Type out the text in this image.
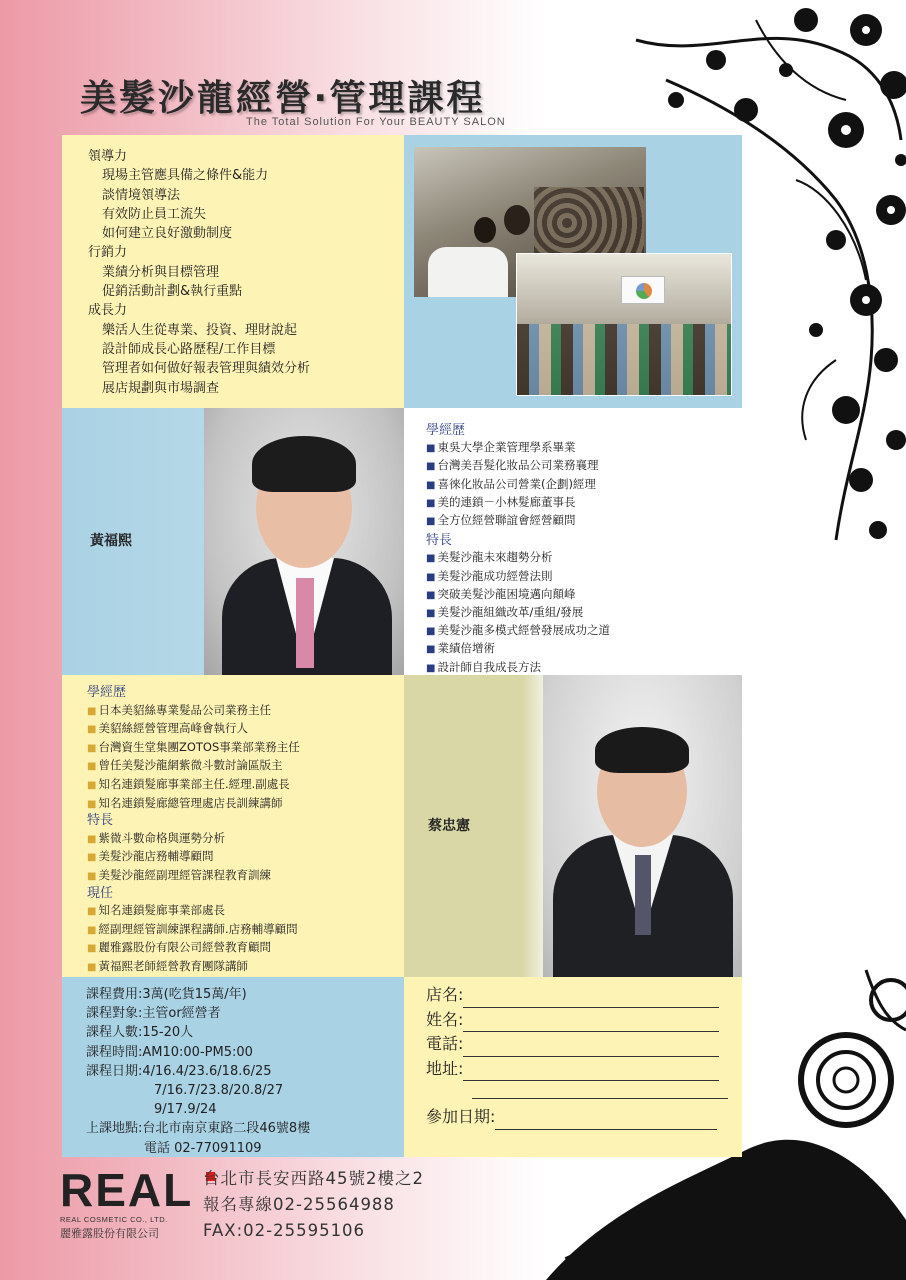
美髮沙龍經營‧管理課程
The Total Solution For Your BEAUTY SALON
領導力
現場主管應具備之條件&能力
談情境領導法
有效防止員工流失
如何建立良好激動制度
行銷力
業績分析與目標管理
促銷活動計劃&執行重點
成長力
樂活人生從專業、投資、理財說起
設計師成長心路歷程/工作目標
管理者如何做好報表管理與績效分析
展店規劃與市場調查
黃福熙
學經歷
■ 東吳大學企業管理學系畢業
■ 台灣美吾髮化妝品公司業務襄理
■ 喜徠化妝品公司營業(企劃)經理
■ 美的連鎖－小林髮廊董事長
■ 全方位經營聯誼會經營顧問
特長
■ 美髮沙龍未來趨勢分析
■ 美髮沙龍成功經營法則
■ 突破美髮沙龍困境邁向顛峰
■ 美髮沙龍組織改革/重組/發展
■ 美髮沙龍多模式經營發展成功之道
■ 業績倍增術
■ 設計師自我成長方法
學經歷
■ 日本美貂絲專業髮品公司業務主任
■ 美貂絲經營管理高峰會執行人
■ 台灣資生堂集團ZOTOS事業部業務主任
■ 曾任美髮沙龍網紫微斗數討論區版主
■ 知名連鎖髮廊事業部主任.經理.副處長
■ 知名連鎖髮廊總管理處店長訓練講師
特長
■ 紫微斗數命格與運勢分析
■ 美髮沙龍店務輔導顧問
■ 美髮沙龍經副理經管課程教育訓練
現任
■ 知名連鎖髮廊事業部處長
■ 經副理經管訓練課程講師.店務輔導顧問
■ 麗雅露股份有限公司經營教育顧問
■ 黃福熙老師經營教育團隊講師
■
蔡忠憲
課程費用:3萬(吃貨15萬/年)
課程對象:主管or經營者
課程人數:15-20人
課程時間:AM10:00-PM5:00
課程日期:4/16.4/23.6/18.6/25
7/16.7/23.8/20.8/27
9/17.9/24
上課地點:台北市南京東路二段46號8樓
電話 02-77091109
店名:
姓名:
電話:
地址:
參加日期:
REAL
REAL COSMETIC CO., LTD.
麗雅露股份有限公司
台北市長安西路45號2樓之2
報名專線02-25564988
FAX:02-25595106
